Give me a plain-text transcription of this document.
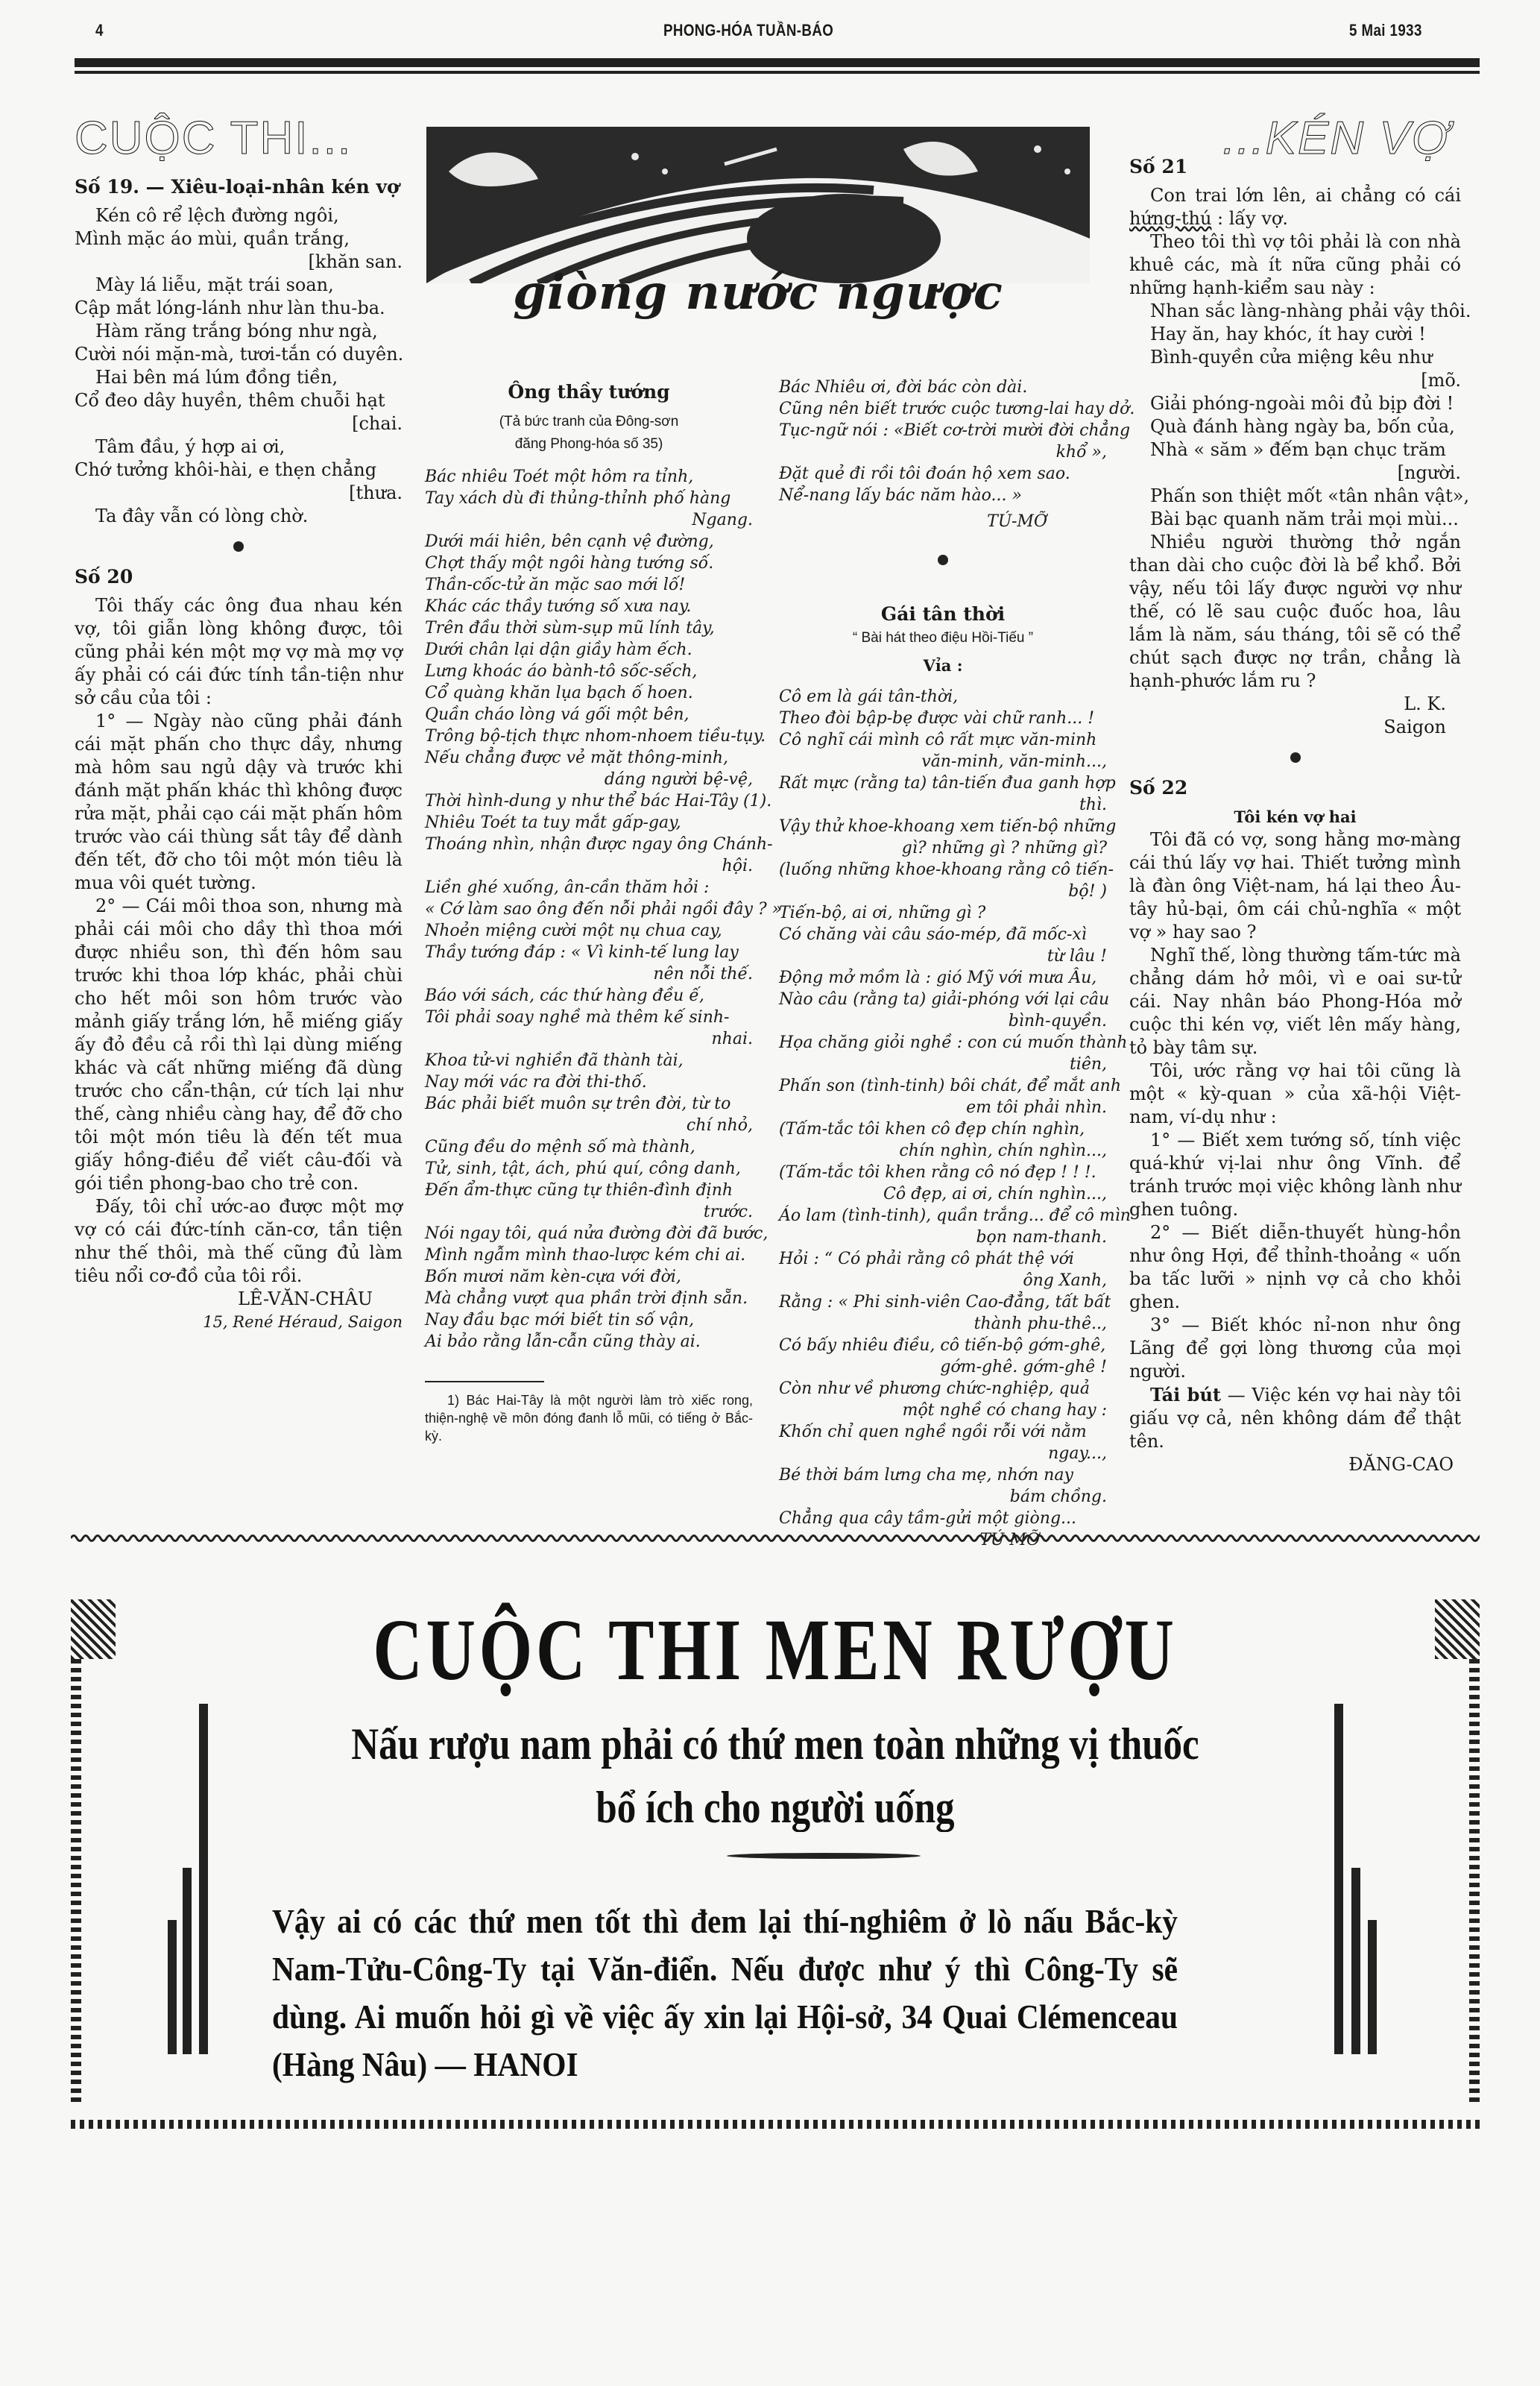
4	PHONG-HÓA TUẦN-BÁO	5 Mai 1933
CUỘC THI...	...KÉN VỢ
giòng nước ngược
Số 19. — Xiêu-loại-nhân kén vợ
Kén cô rể lệch đường ngôi,
Mình mặc áo mùi, quần trắng,
[khăn san.
Mày lá liễu, mặt trái soan,
Cập mắt lóng-lánh như làn thu-ba.
Hàm răng trắng bóng như ngà,
Cười nói mặn-mà, tươi-tắn có duyên.
Hai bên má lúm đồng tiền,
Cổ đeo dây huyền, thêm chuỗi hạt
[chai.
Tâm đầu, ý hợp ai ơi,
Chớ tưởng khôi-hài, e thẹn chẳng
[thưa.
Ta đây vẫn có lòng chờ.
Số 20

Tôi thấy các ông đua nhau kén vợ, tôi giẫn lòng không được, tôi cũng phải kén một mợ vợ mà mợ vợ ấy phải có cái đức tính tần-tiện như sở cầu của tôi :

1° — Ngày nào cũng phải đánh cái mặt phấn cho thực dầy, nhưng mà hôm sau ngủ dậy và trước khi đánh mặt phấn khác thì không được rửa mặt, phải cạo cái mặt phấn hôm trước vào cái thùng sắt tây để dành đến tết, đỡ cho tôi một món tiêu là mua vôi quét tường.

2° — Cái môi thoa son, nhưng mà phải cái môi cho dầy thì thoa mới được nhiều son, thì đến hôm sau trước khi thoa lớp khác, phải chùi cho hết môi son hôm trước vào mảnh giấy trắng lớn, hễ miếng giấy ấy đỏ đều cả rồi thì lại dùng miếng khác và cất những miếng đã dùng trước cho cẩn-thận, cứ tích lại như thế, càng nhiều càng hay, để đỡ cho tôi một món tiêu là đến tết mua giấy hồng-điều để viết câu-đối và gói tiền phong-bao cho trẻ con.

Đấy, tôi chỉ ước-ao được một mợ vợ có cái đức-tính căn-cơ, tần tiện như thế thôi, mà thế cũng đủ làm tiêu nổi cơ-đồ của tôi rồi.

LÊ-VĂN-CHÂU
15, René Héraud, Saigon
Ông thầy tướng
(Tả bức tranh của Đông-sơn
đăng Phong-hóa số 35)
Bác nhiêu Toét một hôm ra tỉnh,
Tay xách dù đi thủng-thỉnh phố hàng
Ngang.
Dưới mái hiên, bên cạnh vệ đường,
Chợt thấy một ngôi hàng tướng số.
Thần-cốc-tử ăn mặc sao mới lố!
Khác các thầy tướng số xưa nay.
Trên đầu thời sùm-sụp mũ lính tây,
Dưới chân lại dận giầy hàm ếch.
Lưng khoác áo bành-tô sốc-sếch,
Cổ quàng khăn lụa bạch ố hoen.
Quần cháo lòng vá gối một bên,
Trông bộ-tịch thực nhom-nhoem tiều-tụy.
Nếu chẳng được vẻ mặt thông-minh,
dáng người bệ-vệ,
Thời hình-dung y như thể bác Hai-Tây (1).
Nhiêu Toét ta tuy mắt gấp-gay,
Thoáng nhìn, nhận được ngay ông Chánh-
hội.
Liền ghé xuống, ân-cần thăm hỏi :
« Cớ làm sao ông đến nỗi phải ngồi đây ? »
Nhoẻn miệng cười một nụ chua cay,
Thầy tướng đáp : « Vì kinh-tế lung lay
nên nỗi thế.
Báo với sách, các thứ hàng đều ế,
Tôi phải soay nghề mà thêm kế sinh-
nhai.
Khoa tử-vi nghiền đã thành tài,
Nay mới vác ra đời thi-thố.
Bác phải biết muôn sự trên đời, từ to
chí nhỏ,
Cũng đều do mệnh số mà thành,
Tử, sinh, tật, ách, phú quí, công danh,
Đến ẩm-thực cũng tự thiên-đình định
trước.
Nói ngay tôi, quá nửa đường đời đã bước,
Mình ngẫm mình thao-lược kém chi ai.
Bốn mươi năm kèn-cựa với đời,
Mà chẳng vượt qua phần trời định sẵn.
Nay đầu bạc mới biết tin số vận,
Ai bảo rằng lẫn-cẫn cũng thày ai.
1) Bác Hai-Tây là một người làm trò xiếc rong, thiện-nghệ về môn đóng đanh lỗ mũi, có tiếng ở Bắc-kỳ.
Bác Nhiêu ơi, đời bác còn dài.
Cũng nên biết trước cuộc tương-lai hay dở.
Tục-ngữ nói : «Biết cơ-trời mười đời chẳng
khổ »,
Đặt quẻ đi rồi tôi đoán hộ xem sao.
Nể-nang lấy bác năm hào... »
TÚ-MỠ
Gái tân thời
“ Bài hát theo điệu Hồi-Tiếu ”
Vỉa :
Cô em là gái tân-thời,
Theo đòi bập-bẹ được vài chữ ranh... !
Cô nghĩ cái mình cô rất mực văn-minh
văn-minh, văn-minh...,
Rất mực (rằng ta) tân-tiến đua ganh hợp
thì.
Vậy thử khoe-khoang xem tiến-bộ những
gì? những gì ? những gì?
(luống những khoe-khoang rằng cô tiến-
bộ! )
Tiến-bộ, ai ơi, những gì ?
Có chăng vài câu sáo-mép, đã mốc-xì
từ lâu !
Động mở mồm là : gió Mỹ với mưa Âu,
Nào câu (rằng ta) giải-phóng với lại câu
bình-quyền.
Họa chăng giỏi nghề : con cú muốn thành
tiên,
Phấn son (tình-tinh) bôi chát, để mắt anh
em tôi phải nhìn.
(Tấm-tắc tôi khen cô đẹp chín nghìn,
chín nghìn, chín nghìn...,
(Tấm-tắc tôi khen rằng cô nó đẹp ! ! !.
Cô đẹp, ai ơi, chín nghìn...,
Áo lam (tình-tinh), quần trắng... để cô mìn
bọn nam-thanh.
Hỏi : “ Có phải rằng cô phát thệ với
ông Xanh,
Rằng : « Phi sinh-viên Cao-đẳng, tất bất
thành phu-thê..,
Có bấy nhiêu điều, cô tiến-bộ gớm-ghê,
gớm-ghê. gớm-ghê !
Còn như về phương chức-nghiệp, quả
một nghề có chang hay :
Khốn chỉ quen nghề ngồi rỗi với nằm
ngay...,
Bé thời bám lưng cha mẹ, nhớn nay
bám chồng.
Chẳng qua cây tầm-gửi một giòng...
TÚ MỠ
Số 21

Con trai lớn lên, ai chẳng có cái hứng-thú : lấy vợ.

Theo tôi thì vợ tôi phải là con nhà khuê các, mà ít nữa cũng phải có những hạnh-kiểm sau này :

Nhan sắc làng-nhàng phải vậy thôi.
Hay ăn, hay khóc, ít hay cười !
Bình-quyền cửa miệng kêu như
[mõ.
Giải phóng-ngoài môi đủ bịp đời !
Quà đánh hàng ngày ba, bốn của,
Nhà « săm » đếm bạn chục trăm
[người.
Phấn son thiệt mốt «tân nhân vật»,
Bài bạc quanh năm trải mọi mùi...

Nhiều người thường thở ngắn than dài cho cuộc đời là bể khổ. Bởi vậy, nếu tôi lấy được người vợ như thế, có lẽ sau cuộc đuốc hoa, lâu lắm là năm, sáu tháng, tôi sẽ có thể chút sạch được nợ trần, chẳng là hạnh-phước lắm ru ?

L. K.
Saigon
Số 22
Tôi kén vợ hai

Tôi đã có vợ, song hằng mơ-màng cái thú lấy vợ hai. Thiết tưởng mình là đàn ông Việt-nam, há lại theo Âu-tây hủ-bại, ôm cái chủ-nghĩa « một vợ » hay sao ?

Nghĩ thế, lòng thường tấm-tức mà chẳng dám hở môi, vì e oai sư-tử cái. Nay nhân báo Phong-Hóa mở cuộc thi kén vợ, viết lên mấy hàng, tỏ bày tâm sự.

Tôi, ước rằng vợ hai tôi cũng là một « kỳ-quan » của xã-hội Việt-nam, ví-dụ như :

1° — Biết xem tướng số, tính việc quá-khứ vị-lai như ông Vĩnh. để tránh trước mọi việc không lành như ghen tuông.

2° — Biết diễn-thuyết hùng-hồn như ông Hợi, để thỉnh-thoảng « uốn ba tấc lưỡi » nịnh vợ cả cho khỏi ghen.

3° — Biết khóc nỉ-non như ông Lãng để gợi lòng thương của mọi người.

Tái bút — Việc kén vợ hai này tôi giấu vợ cả, nên không dám để thật tên.

ĐĂNG-CAO
CUỘC THI MEN RƯỢU
Nấu rượu nam phải có thứ men toàn những vị thuốc
bổ ích cho người uống
Vậy ai có các thứ men tốt thì đem lại thí-nghiêm ở lò nấu Bắc-kỳ Nam-Tửu-Công-Ty tại Văn-điển. Nếu được như ý thì Công-Ty sẽ dùng. Ai muốn hỏi gì về việc ấy xin lại Hội-sở, 34 Quai Clémenceau (Hàng Nâu) — HANOI
